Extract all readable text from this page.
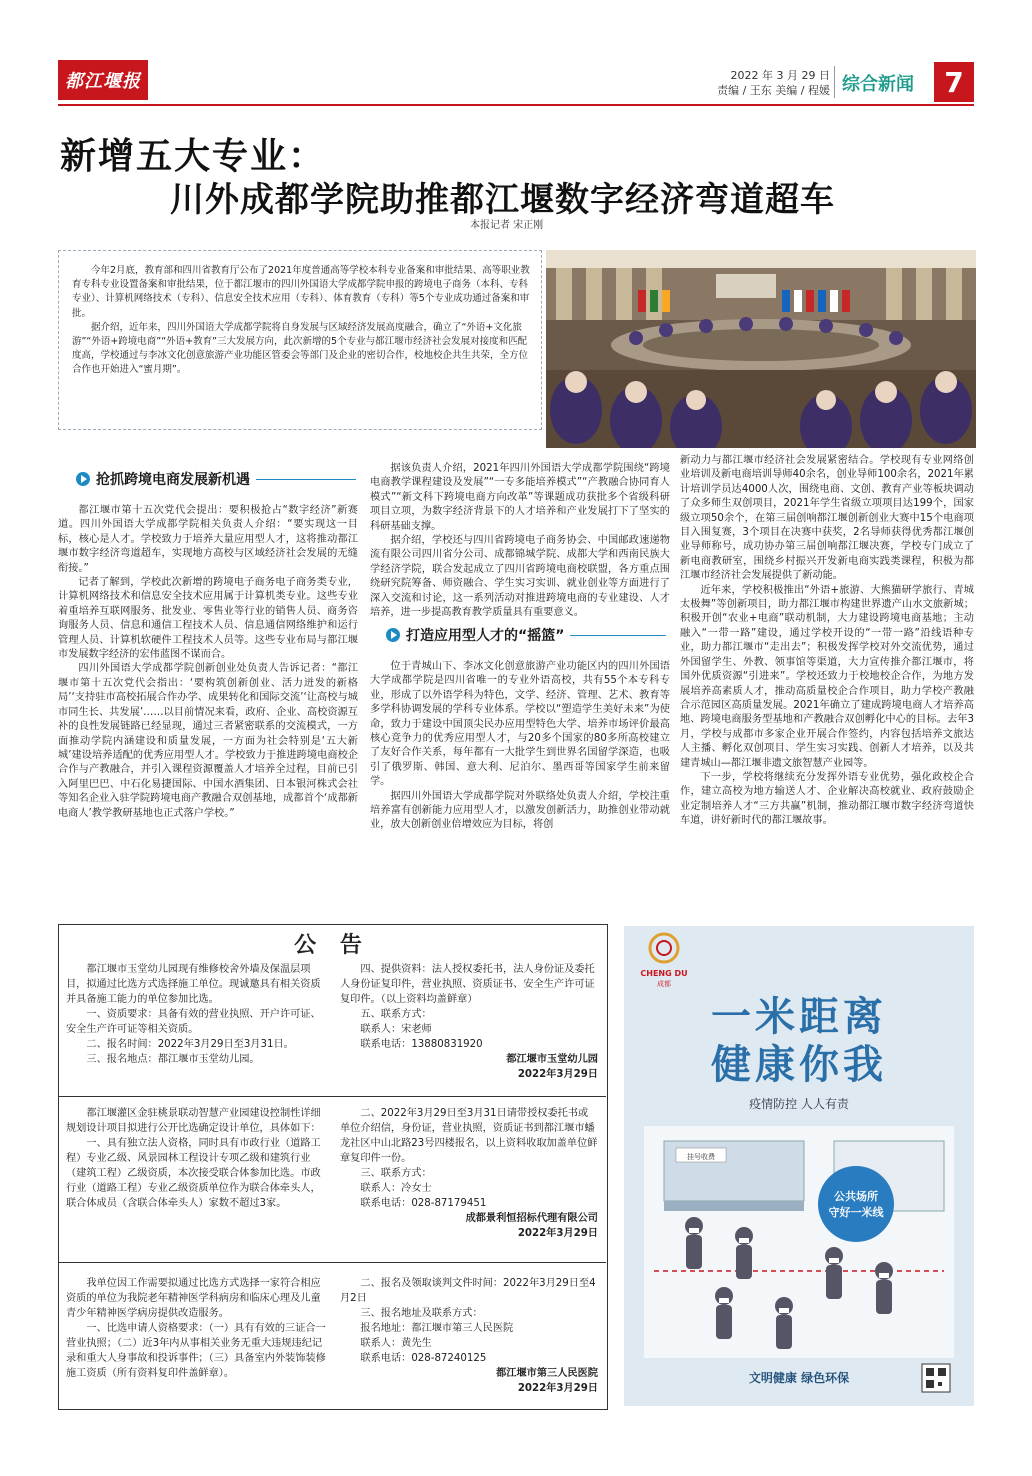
都江堰报	2022 年 3 月 29 日
责编 / 王东 美编 / 程媛 综合新闻	7
新增五大专业：
川外成都学院助推都江堰数字经济弯道超车
本报记者 宋正刚

今年2月底，教育部和四川省教育厅公布了2021年度普通高等学校本科专业备案和审批结果、高等职业教育专科专业设置备案和审批结果，位于都江堰市的四川外国语大学成都学院申报的跨境电子商务（本科、专科专业）、计算机网络技术（专科）、信息安全技术应用（专科）、体育教育（专科）等5个专业成功通过备案和审批。

据介绍，近年来，四川外国语大学成都学院将自身发展与区域经济发展高度融合，确立了“外语+文化旅游”“外语+跨境电商”“外语+教育”三大发展方向，此次新增的5个专业与都江堰市经济社会发展对接度和匹配度高，学校通过与李冰文化创意旅游产业功能区管委会等部门及企业的密切合作，校地校企共生共荣，全方位合作也开始进入“蜜月期”。

抢抓跨境电商发展新机遇

都江堰市第十五次党代会提出：要积极抢占“数字经济”新赛道。四川外国语大学成都学院相关负责人介绍：“要实现这一目标，核心是人才。学校致力于培养大量应用型人才，这将推动都江堰市数字经济弯道超车，实现地方高校与区域经济社会发展的无缝衔接。”

记者了解到，学校此次新增的跨境电子商务电子商务类专业，计算机网络技术和信息安全技术应用属于计算机类专业。这些专业着重培养互联网服务、批发业、零售业等行业的销售人员、商务咨询服务人员、信息和通信工程技术人员、信息通信网络维护和运行管理人员、计算机软硬件工程技术人员等。这些专业布局与都江堰市发展数字经济的宏伟蓝图不谋而合。

四川外国语大学成都学院创新创业处负责人告诉记者：“都江堰市第十五次党代会指出：‘要构筑创新创业、活力迸发的新格局’‘支持驻市高校拓展合作办学、成果转化和国际交流’‘让高校与城市同生长、共发展’……以目前情况来看，政府、企业、高校资源互补的良性发展链路已经显现，通过三者紧密联系的交流模式，一方面推动学院内涵建设和质量发展，一方面为社会特别是‘五大新城’建设培养适配的优秀应用型人才。学校致力于推进跨境电商校企合作与产教融合，并引入课程资源覆盖人才培养全过程，目前已引入阿里巴巴、中石化易捷国际、中国水酒集团、日本银河株式会社等知名企业入驻学院跨境电商产教融合双创基地，成都首个‘成都新电商人’教学教研基地也正式落户学校。”

据该负责人介绍，2021年四川外国语大学成都学院围绕“跨境电商教学课程建设及发展”“一专多能培养模式”“产教融合协同育人模式”“新文科下跨境电商方向改革”等课题成功获批多个省级科研项目立项，为数字经济背景下的人才培养和产业发展打下了坚实的科研基础支撑。

据介绍，学校还与四川省跨境电子商务协会、中国邮政速递物流有限公司四川省分公司、成都锦城学院、成都大学和西南民族大学经济学院，联合发起成立了四川省跨境电商校联盟，各方重点围绕研究院筹备、师资融合、学生实习实训、就业创业等方面进行了深入交流和讨论，这一系列活动对推进跨境电商的专业建设、人才培养，进一步提高教育教学质量具有重要意义。

打造应用型人才的“摇篮”

位于青城山下、李冰文化创意旅游产业功能区内的四川外国语大学成都学院是四川省唯一的专业外语高校，共有55个本专科专业，形成了以外语学科为特色，文学、经济、管理、艺术、教育等多学科协调发展的学科专业体系。学校以“塑造学生美好未来”为使命，致力于建设中国顶尖民办应用型特色大学、培养市场评价最高核心竞争力的优秀应用型人才，与20多个国家的80多所高校建立了友好合作关系，每年都有一大批学生到世界名国留学深造，也吸引了俄罗斯、韩国、意大利、尼泊尔、墨西哥等国家学生前来留学。

据四川外国语大学成都学院对外联络处负责人介绍，学校注重培养富有创新能力应用型人才，以激发创新活力，助推创业带动就业，放大创新创业倍增效应为目标，将创

新动力与都江堰市经济社会发展紧密结合。学校现有专业网络创业培训及新电商培训导师40余名，创业导师100余名，2021年累计培训学员达4000人次，围绕电商、文创、教育产业等板块调动了众多师生双创项目，2021年学生省级立项项目达199个，国家级立项50余个，在第三届创响都江堰创新创业大赛中15个电商项目入围复赛，3个项目在决赛中获奖，2名导师获得优秀都江堰创业导师称号，成功协办第三届创响都江堰决赛，学校专门成立了新电商教研室，围绕乡村振兴开发新电商实践类课程，积极为都江堰市经济社会发展提供了新动能。

近年来，学校积极推出“外语+旅游、大熊猫研学旅行、青城太极舞”等创新项目，助力都江堰市构建世界遗产山水文旅新城；积极开创“农业+电商”联动机制，大力建设跨境电商基地；主动融入“一带一路”建设，通过学校开设的“一带一路”沿线语种专业，助力都江堰市“走出去”；积极发挥学校对外交流优势，通过外国留学生、外教、领事馆等渠道，大力宣传推介都江堰市，将国外优质资源“引进来”。学校还致力于校地校企合作，为地方发展培养高素质人才，推动高质量校企合作项目，助力学校产教融合示范园区高质量发展。2021年确立了建成跨境电商人才培养高地、跨境电商服务型基地和产教融合双创孵化中心的目标。去年3月，学校与成都市多家企业开展合作签约，内容包括培养文旅达人主播、孵化双创项目、学生实习实践、创新人才培养，以及共建青城山—都江堰非遗文旅智慧产业园等。

下一步，学校将继续充分发挥外语专业优势，强化政校企合作，建立高校为地方输送人才、企业解决高校就业、政府鼓励企业定制培养人才“三方共赢”机制，推动都江堰市数字经济弯道快车道，讲好新时代的都江堰故事。

公 告

都江堰市玉堂幼儿园现有维修校舍外墙及保温层项目，拟通过比选方式选择施工单位。现诚邀具有相关资质并具备施工能力的单位参加比选。

一、资质要求：具备有效的营业执照、开户许可证、安全生产许可证等相关资质。

二、报名时间：2022年3月29日至3月31日。

三、报名地点：都江堰市玉堂幼儿园。

四、提供资料：法人授权委托书，法人身份证及委托人身份证复印件，营业执照、资质证书、安全生产许可证复印件。（以上资料均盖鲜章）

五、联系方式：

联系人：宋老师

联系电话：13880831920

都江堰市玉堂幼儿园

2022年3月29日

都江堰灌区金驻桃景联动智慧产业园建设控制性详细规划设计项目拟进行公开比选确定设计单位，具体如下：

一、具有独立法人资格，同时具有市政行业（道路工程）专业乙级、风景园林工程设计专项乙级和建筑行业（建筑工程）乙级资质，本次接受联合体参加比选。市政行业（道路工程）专业乙级资质单位作为联合体牵头人，联合体成员（含联合体牵头人）家数不超过3家。

二、2022年3月29日至3月31日请带授权委托书或单位介绍信，身份证，营业执照，资质证书到都江堰市蟠龙社区中山北路23号四楼报名，以上资料收取加盖单位鲜章复印件一份。

三、联系方式：

联系人：冷女士

联系电话：028-87179451

成都景利恒招标代理有限公司

2022年3月29日

我单位因工作需要拟通过比选方式选择一家符合相应资质的单位为我院老年精神医学科病房和临床心理及儿童青少年精神医学病房提供改造服务。

一、比选申请人资格要求：（一）具有有效的三证合一营业执照；（二）近3年内从事相关业务无重大违规违纪记录和重大人身事故和投诉事件；（三）具备室内外装饰装修施工资质（所有资料复印件盖鲜章）。

二、报名及领取谈判文件时间：2022年3月29日至4月2日

三、报名地址及联系方式：

报名地址：都江堰市第三人民医院

联系人：黄先生

联系电话：028-87240125

都江堰市第三人民医院

2022年3月29日

CHENG DU
成都
一米距离
健康你我
疫情防控 人人有责
挂号收费
公共场所
守好一米线
文明健康 绿色环保
